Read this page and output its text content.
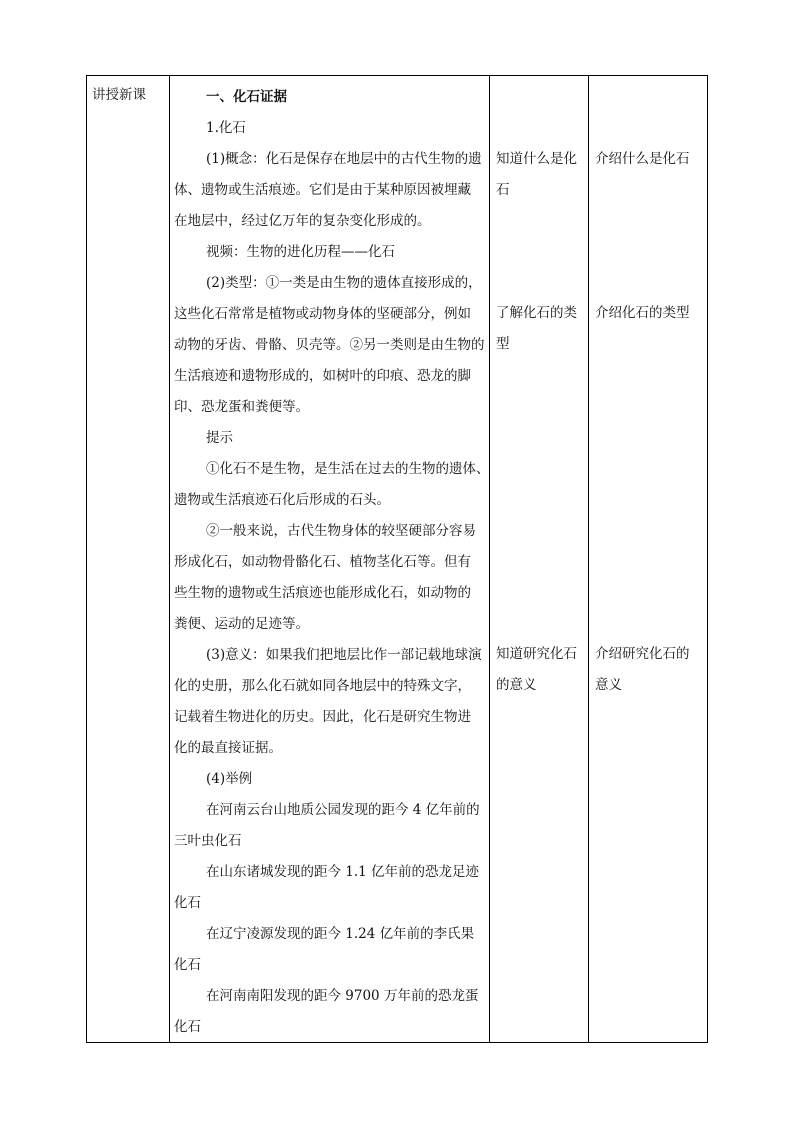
讲授新课	一、化石证据
1.化石
(1)概念：化石是保存在地层中的古代生物的遗
体、遗物或生活痕迹。它们是由于某种原因被埋藏
在地层中，经过亿万年的复杂变化形成的。
视频：生物的进化历程——化石
(2)类型：①一类是由生物的遗体直接形成的，
这些化石常常是植物或动物身体的坚硬部分，例如
动物的牙齿、骨骼、贝壳等。②另一类则是由生物的
生活痕迹和遗物形成的，如树叶的印痕、恐龙的脚
印、恐龙蛋和粪便等。
提示
①化石不是生物，是生活在过去的生物的遗体、
遗物或生活痕迹石化后形成的石头。
②一般来说，古代生物身体的较坚硬部分容易
形成化石，如动物骨骼化石、植物茎化石等。但有
些生物的遗物或生活痕迹也能形成化石，如动物的
粪便、运动的足迹等。
(3)意义：如果我们把地层比作一部记载地球演
化的史册，那么化石就如同各地层中的特殊文字，
记载着生物进化的历史。因此，化石是研究生物进
化的最直接证据。
(4)举例
在河南云台山地质公园发现的距今 4 亿年前的
三叶虫化石
在山东诸城发现的距今 1.1 亿年前的恐龙足迹
化石
在辽宁凌源发现的距今 1.24 亿年前的李氏果
化石
在河南南阳发现的距今 9700 万年前的恐龙蛋
化石
知道什么是化
石
了解化石的类
型
知道研究化石
的意义
介绍什么是化石
介绍化石的类型
介绍研究化石的
意义
